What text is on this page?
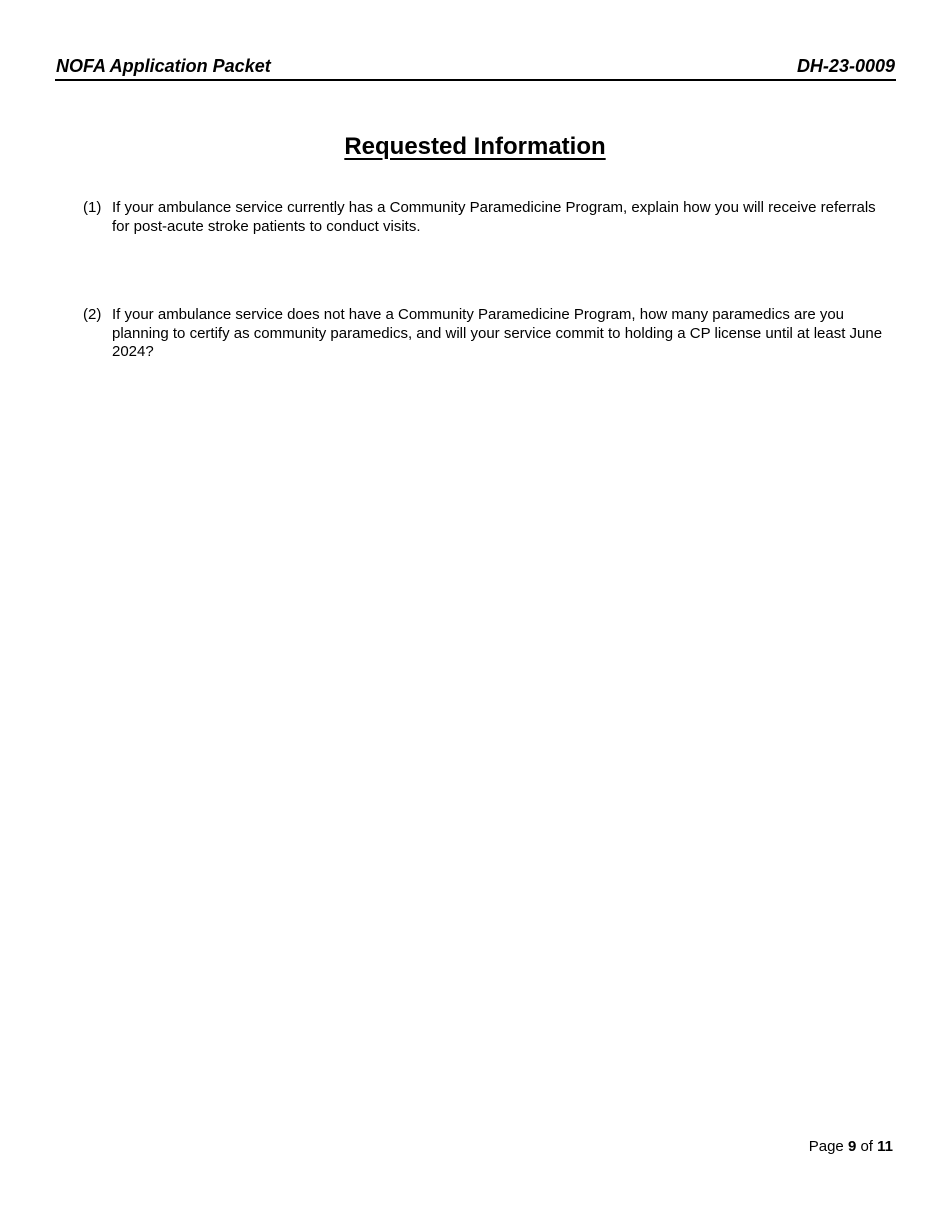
NOFA Application Packet	DH-23-0009
Requested Information
(1) If your ambulance service currently has a Community Paramedicine Program, explain how you will receive referrals for post-acute stroke patients to conduct visits.
(2) If your ambulance service does not have a Community Paramedicine Program, how many paramedics are you planning to certify as community paramedics, and will your service commit to holding a CP license until at least June 2024?
Page 9 of 11
